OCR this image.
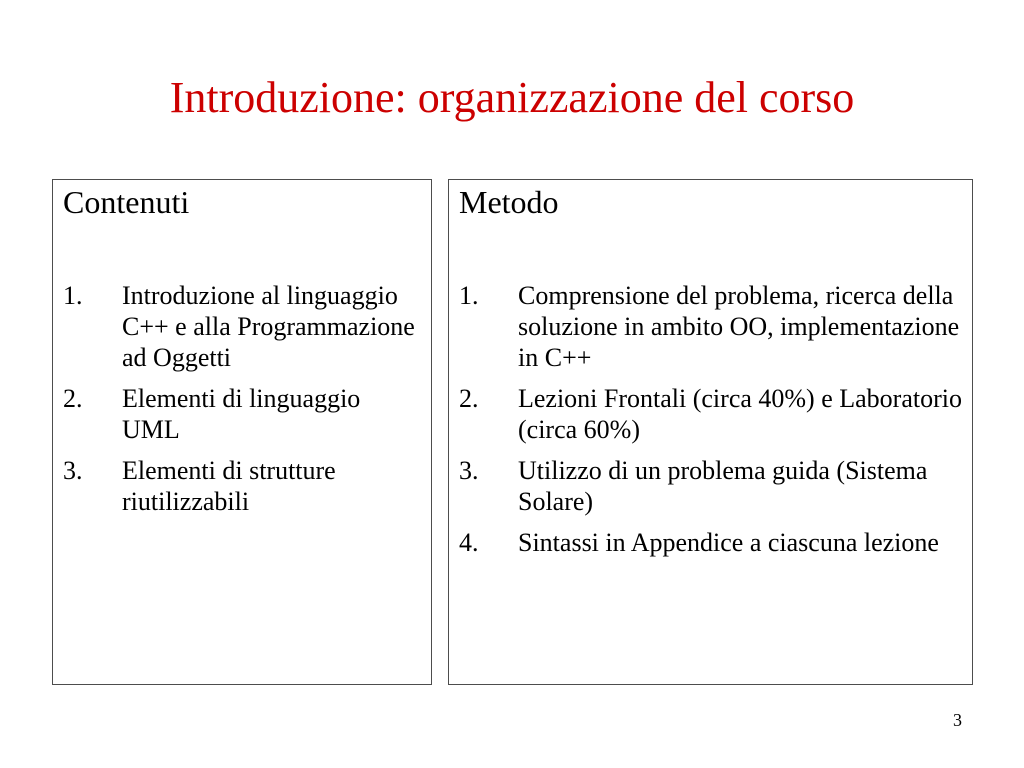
Introduzione: organizzazione del corso
Contenuti
1. Introduzione al linguaggio C++ e alla Programmazione ad Oggetti
2. Elementi di linguaggio UML
3. Elementi di strutture riutilizzabili
Metodo
1. Comprensione del problema, ricerca della soluzione in ambito OO, implementazione in C++
2. Lezioni Frontali (circa 40%) e Laboratorio (circa 60%)
3. Utilizzo di un problema guida (Sistema Solare)
4. Sintassi in Appendice a ciascuna lezione
3
